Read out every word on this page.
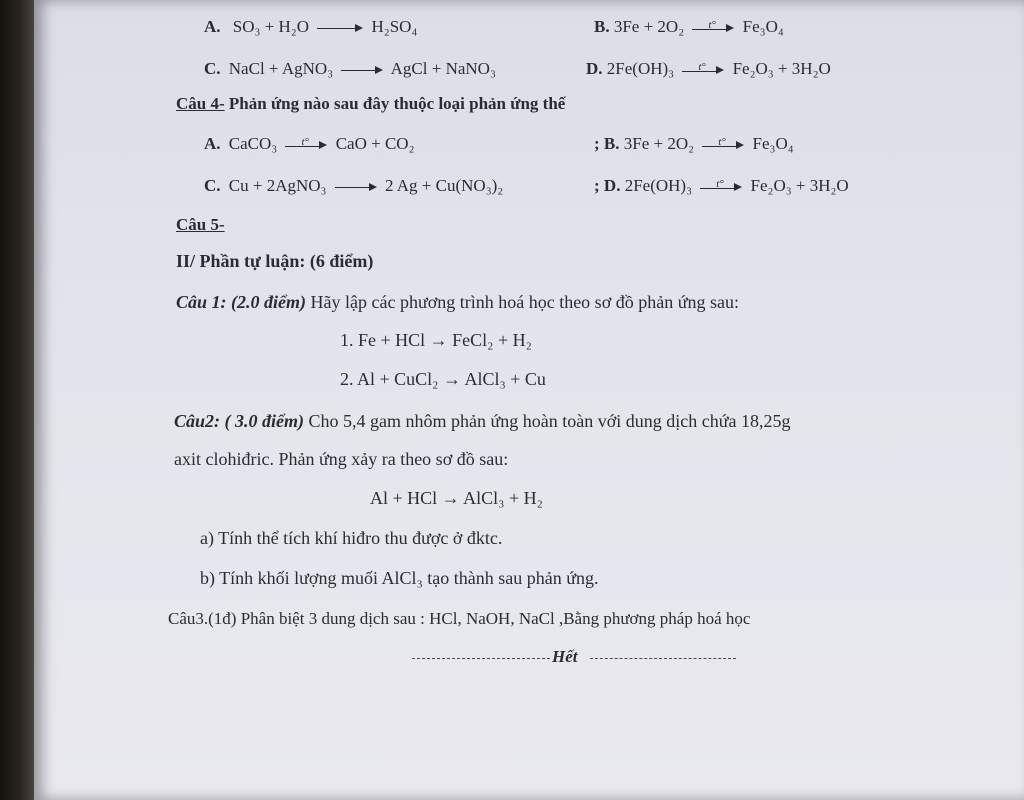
A. SO₃ + H₂O	H₂SO₄	B. 3Fe + 2O₂ t° Fe₃O₄
C. NaCl + AgNO₃	AgCl + NaNO₃	D. 2Fe(OH)₃ t° Fe₂O₃ + 3H₂O
Câu 4- Phản ứng nào sau đây thuộc loại phản ứng thế
A. CaCO₃ t° CaO + CO₂	; B. 3Fe + 2O₂ t° Fe₃O₄
C. Cu + 2AgNO₃	2 Ag + Cu(NO₃)₂	; D. 2Fe(OH)₃ t° Fe₂O₃ + 3H₂O
Câu 5-
II/ Phần tự luận: (6 điểm)
Câu 1: (2.0 điểm) Hãy lập các phương trình hoá học theo sơ đồ phản ứng sau:
1. Fe + HCl → FeCl₂ + H₂
2. Al + CuCl₂ → AlCl₃ + Cu
Câu2: ( 3.0 điểm) Cho 5,4 gam nhôm phản ứng hoàn toàn với dung dịch chứa 18,25g
axit clohiđric. Phản ứng xảy ra theo sơ đồ sau:
Al + HCl → AlCl₃ + H₂
a) Tính thể tích khí hiđro thu được ở đktc.
b) Tính khối lượng muối AlCl₃ tạo thành sau phản ứng.
Câu3.(1đ) Phân biệt 3 dung dịch sau : HCl, NaOH, NaCl ,Bằng phương pháp hoá học
Hết
